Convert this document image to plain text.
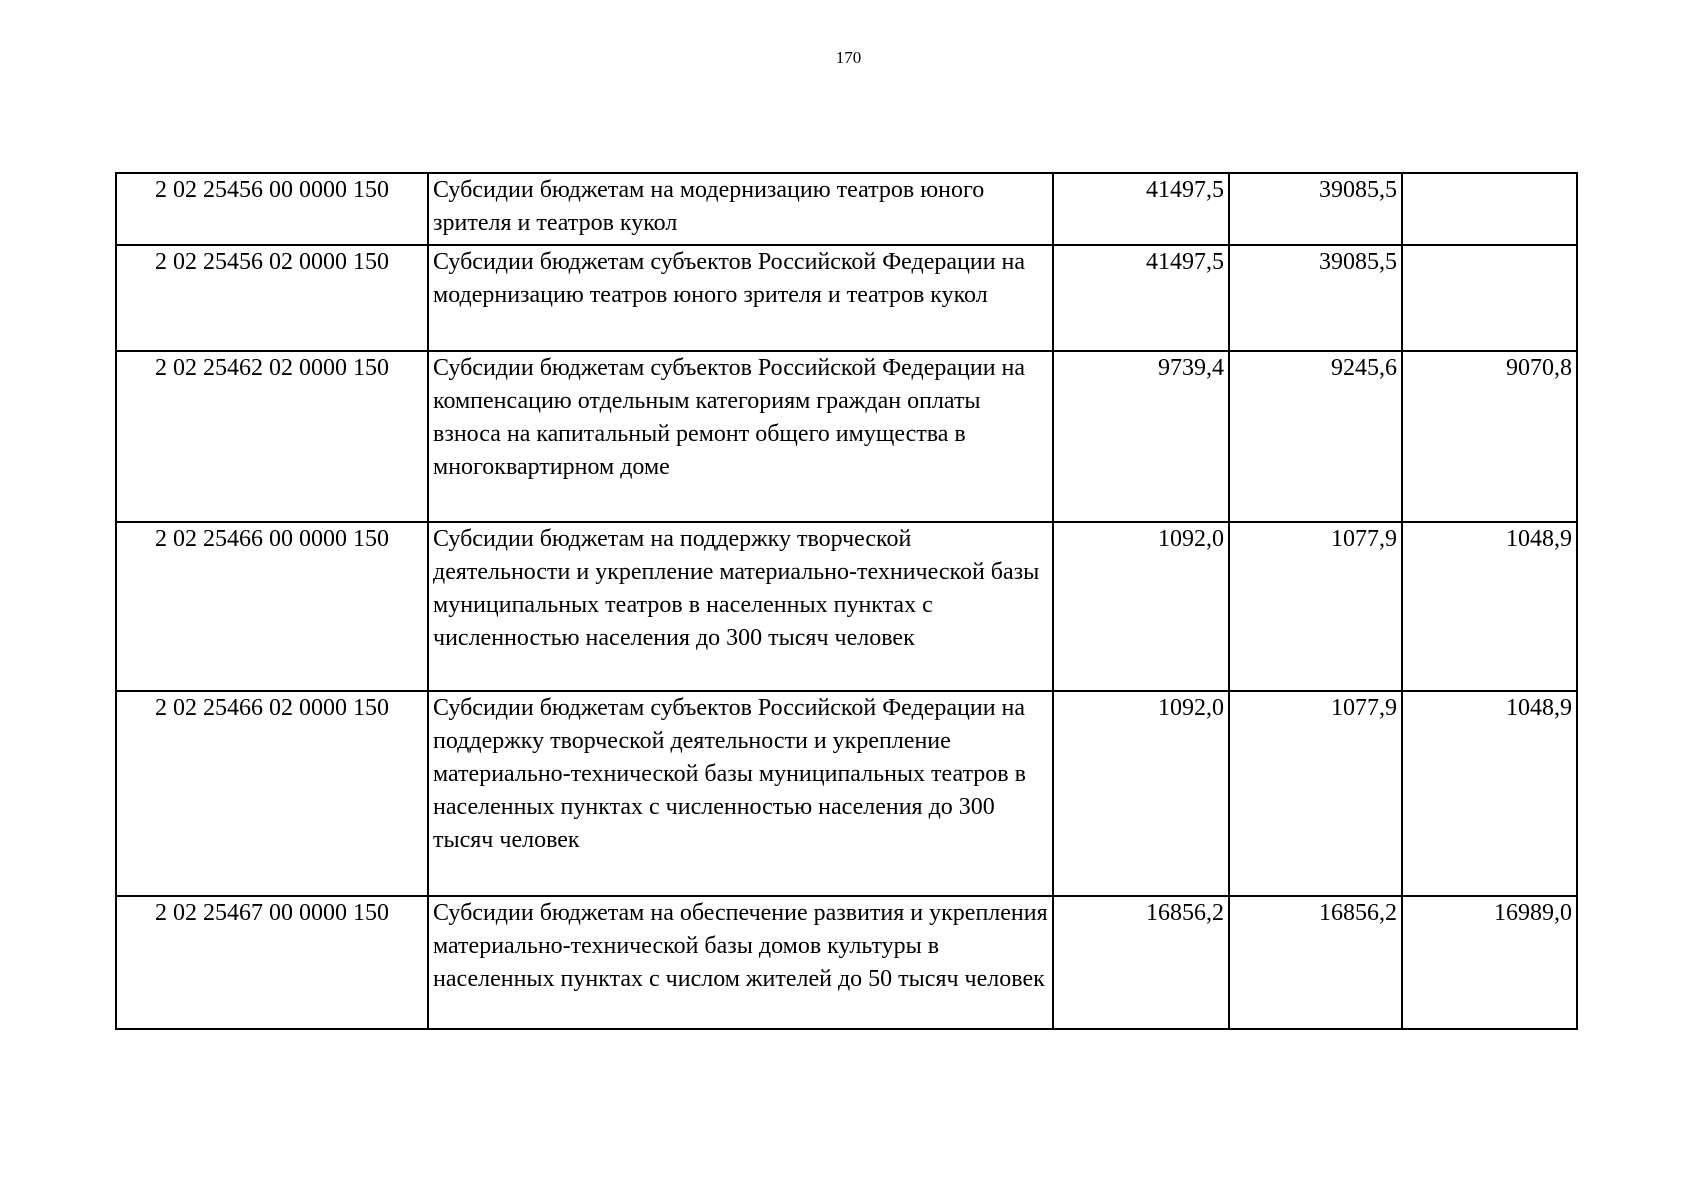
170
2 02 25456 00 0000 150	Субсидии бюджетам на модернизацию театров юного зрителя и театров кукол	41497,5	39085,5	
2 02 25456 02 0000 150	Субсидии бюджетам субъектов Российской Федерации на модернизацию театров юного зрителя и театров кукол	41497,5	39085,5	
2 02 25462 02 0000 150	Субсидии бюджетам субъектов Российской Федерации на компенсацию отдельным категориям граждан оплаты взноса на капитальный ремонт общего имущества в многоквартирном доме	9739,4	9245,6	9070,8
2 02 25466 00 0000 150	Субсидии бюджетам на поддержку творческой деятельности и укрепление материально-технической базы муниципальных театров в населенных пунктах с численностью населения до 300 тысяч человек	1092,0	1077,9	1048,9
2 02 25466 02 0000 150	Субсидии бюджетам субъектов Российской Федерации на поддержку творческой деятельности и укрепление материально-технической базы муниципальных театров в населенных пунктах с численностью населения до 300 тысяч человек	1092,0	1077,9	1048,9
2 02 25467 00 0000 150	Субсидии бюджетам на обеспечение развития и укрепления материально-технической базы домов культуры в населенных пунктах с числом жителей до 50 тысяч человек	16856,2	16856,2	16989,0
